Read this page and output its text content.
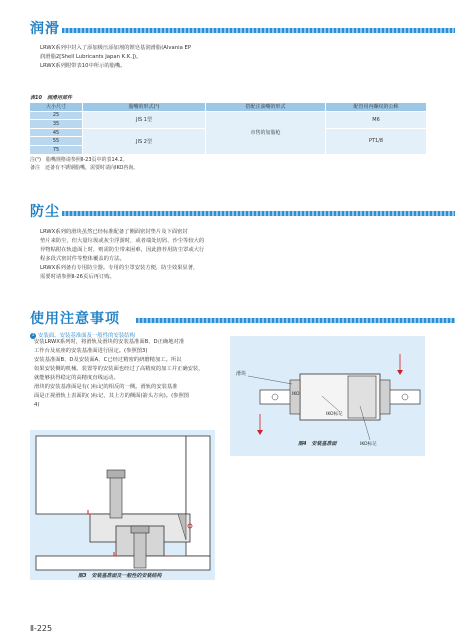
润滑
LRWX系列中封入了添加极压添加剂的锂皂基润滑脂(Alvania EP
润滑脂2[Shell Lubricants Japan K.K.])。
LRWX系列附带表10中所示的脂嘴。
表10　润滑用部件
大小尺寸	脂嘴的形式(¹)	搭配注油嘴的形式	配管用内螺纹的公称
25	JIS 1型	市售的加脂枪	M6
35			
45	JIS 2型		PT1/8
55			
75			
注(¹)　脂嘴规格请参照Ⅱ-23页中的表14.2。
备注　还备有不锈钢脂嘴，需要时请向IKO咨询。
防尘
LRWX系列的滑块虽然已经标准配备了侧面密封垫片及下面密封
垫片来防尘，但大量垃圾或灰尘浮游时，或者端处切屑、沙尘等较大的
异物粘附在轨道面上时，则需防尘带来困难，因此推荐用防尘罩或大行
程多段式密封件等整体覆盖的方法。
LRWX系列备有专用防尘器。专用的尘罩安装方便，防尘效果显著，
需要时请参照Ⅱ-26页后再订购。
使用注意事项
1 安装面、安装基准面及一般性的安装结构
安装LRWX系列时，将滑轨及滑块的安装基准面B、D正确地对准
工作台及底座的安装基准面进行固定。(参照图3)
安装基准面B、D及安装面A、C已经过精密的研磨精加工。所以
如果安装侧的机械、装置等的安装面也经过了高精度的加工并正确安装，
就能够获得稳定的高精度直线运动。
滑块的安装基准面是有( )标记的相反的一侧。滑轨的安装基准
面是正视滑轨上表面的( )标记，其上方的侧面(箭头方向)。(参照图
4)
图3　安装基准面及一般性的安装结构
滑块
IKO
IKO标记
IKO标记
图4　安装基准面
Ⅱ-225
